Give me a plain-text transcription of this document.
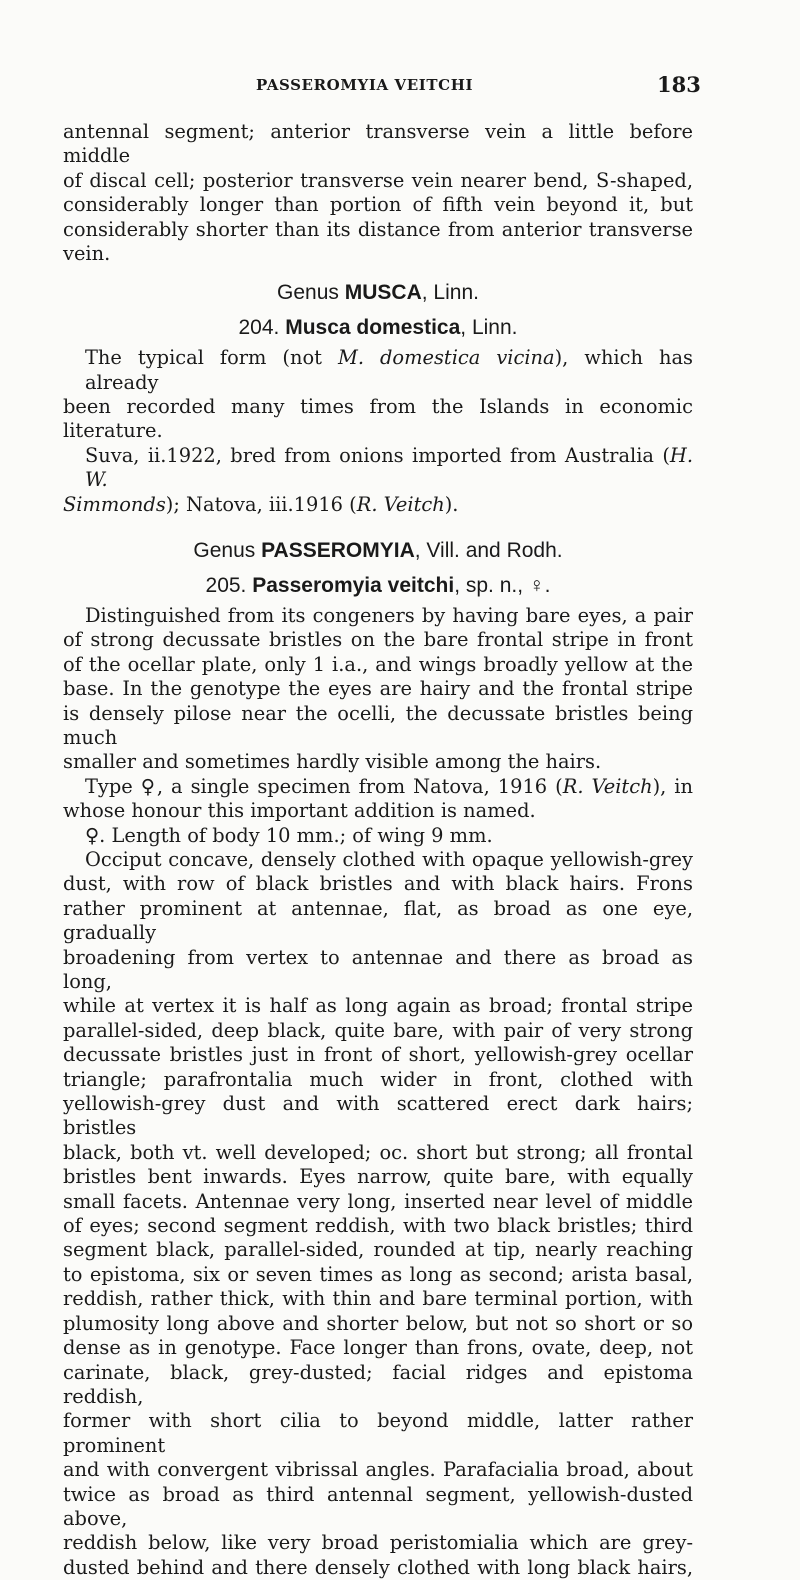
PASSEROMYIA VEITCHI	183
antennal segment; anterior transverse vein a little before middle
of discal cell; posterior transverse vein nearer bend, S-shaped,
considerably longer than portion of fifth vein beyond it, but
considerably shorter than its distance from anterior transverse
vein.
Genus MUSCA, Linn.
204. Musca domestica, Linn.
The typical form (not M. domestica vicina), which has already
been recorded many times from the Islands in economic literature.
Suva, ii.1922, bred from onions imported from Australia (H. W.
Simmonds); Natova, iii.1916 (R. Veitch).
Genus PASSEROMYIA, Vill. and Rodh.
205. Passeromyia veitchi, sp. n., ♀.
Distinguished from its congeners by having bare eyes, a pair
of strong decussate bristles on the bare frontal stripe in front
of the ocellar plate, only 1 i.a., and wings broadly yellow at the
base. In the genotype the eyes are hairy and the frontal stripe
is densely pilose near the ocelli, the decussate bristles being much
smaller and sometimes hardly visible among the hairs.
Type ♀, a single specimen from Natova, 1916 (R. Veitch), in
whose honour this important addition is named.
♀. Length of body 10 mm.; of wing 9 mm.
Occiput concave, densely clothed with opaque yellowish-grey
dust, with row of black bristles and with black hairs. Frons
rather prominent at antennae, flat, as broad as one eye, gradually
broadening from vertex to antennae and there as broad as long,
while at vertex it is half as long again as broad; frontal stripe
parallel-sided, deep black, quite bare, with pair of very strong
decussate bristles just in front of short, yellowish-grey ocellar
triangle; parafrontalia much wider in front, clothed with
yellowish-grey dust and with scattered erect dark hairs; bristles
black, both vt. well developed; oc. short but strong; all frontal
bristles bent inwards. Eyes narrow, quite bare, with equally
small facets. Antennae very long, inserted near level of middle
of eyes; second segment reddish, with two black bristles; third
segment black, parallel-sided, rounded at tip, nearly reaching
to epistoma, six or seven times as long as second; arista basal,
reddish, rather thick, with thin and bare terminal portion, with
plumosity long above and shorter below, but not so short or so
dense as in genotype. Face longer than frons, ovate, deep, not
carinate, black, grey-dusted; facial ridges and epistoma reddish,
former with short cilia to beyond middle, latter rather prominent
and with convergent vibrissal angles. Parafacialia broad, about
twice as broad as third antennal segment, yellowish-dusted above,
reddish below, like very broad peristomialia which are grey-
dusted behind and there densely clothed with long black hairs,
